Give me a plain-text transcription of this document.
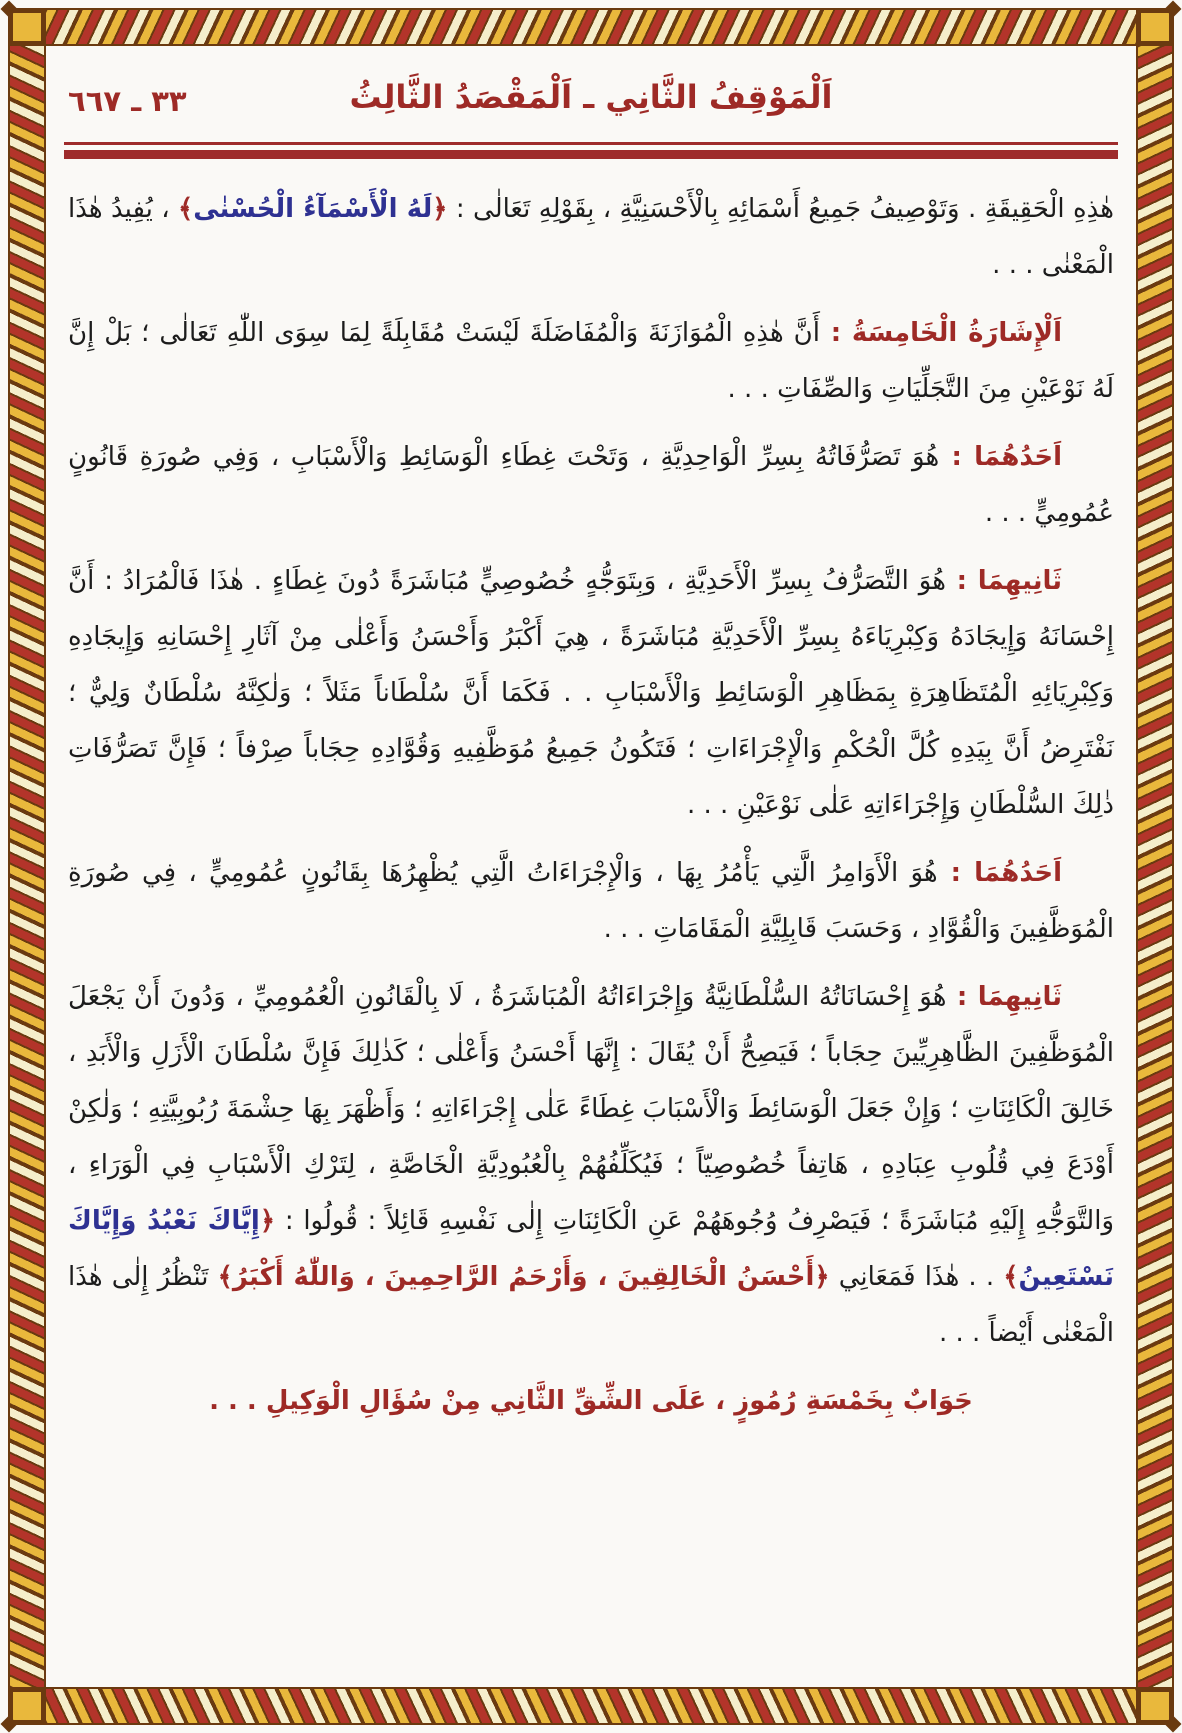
٣٣ ـ ٦٦٧	اَلْمَوْقِفُ الثَّانِي ـ اَلْمَقْصَدُ الثَّالِثُ

هٰذِهِ الْحَقِيقَةِ . وَتَوْصِيفُ جَمِيعُ أَسْمَائِهِ بِالْأَحْسَنِيَّةِ ، بِقَوْلِهِ تَعَالٰى : ﴿لَهُ الْأَسْمَآءُ الْحُسْنٰى﴾ ، يُفِيدُ هٰذَا الْمَعْنٰى . . .

اَلْإِشَارَةُ الْخَامِسَةُ : أَنَّ هٰذِهِ الْمُوَازَنَةَ وَالْمُفَاضَلَةَ لَيْسَتْ مُقَابِلَةً لِمَا سِوَى اللّٰهِ تَعَالٰى ؛ بَلْ إِنَّ لَهُ نَوْعَيْنِ مِنَ التَّجَلِّيَاتِ وَالصِّفَاتِ . . .

اَحَدُهُمَا : هُوَ تَصَرُّفَاتُهُ بِسِرِّ الْوَاحِدِيَّةِ ، وَتَحْتَ غِطَاءِ الْوَسَائِطِ وَالْأَسْبَابِ ، وَفِي صُورَةِ قَانُونٍ عُمُومِيٍّ . . .

ثَانِيهِمَا : هُوَ التَّصَرُّفُ بِسِرِّ الْأَحَدِيَّةِ ، وَبِتَوَجُّهٍ خُصُوصِيٍّ مُبَاشَرَةً دُونَ غِطَاءٍ . هٰذَا فَالْمُرَادُ : أَنَّ إِحْسَانَهُ وَإِيجَادَهُ وَكِبْرِيَاءَهُ بِسِرِّ الْأَحَدِيَّةِ مُبَاشَرَةً ، هِيَ أَكْبَرُ وَأَحْسَنُ وَأَعْلٰى مِنْ آثَارِ إِحْسَانِهِ وَإِيجَادِهِ وَكِبْرِيَائِهِ الْمُتَظَاهِرَةِ بِمَظَاهِرِ الْوَسَائِطِ وَالْأَسْبَابِ . . فَكَمَا أَنَّ سُلْطَاناً مَثَلاً ؛ وَلٰكِنَّهُ سُلْطَانٌ وَلِيٌّ ؛ نَفْتَرِضُ أَنَّ بِيَدِهِ كُلَّ الْحُكْمِ وَالْإِجْرَاءَاتِ ؛ فَتَكُونُ جَمِيعُ مُوَظَّفِيهِ وَقُوَّادِهِ حِجَاباً صِرْفاً ؛ فَإِنَّ تَصَرُّفَاتِ ذٰلِكَ السُّلْطَانِ وَإِجْرَاءَاتِهِ عَلٰى نَوْعَيْنِ . . .

اَحَدُهُمَا : هُوَ الْأَوَامِرُ الَّتِي يَأْمُرُ بِهَا ، وَالْإِجْرَاءَاتُ الَّتِي يُظْهِرُهَا بِقَانُونٍ عُمُومِيٍّ ، فِي صُورَةِ الْمُوَظَّفِينَ وَالْقُوَّادِ ، وَحَسَبَ قَابِلِيَّةِ الْمَقَامَاتِ . . .

ثَانِيهِمَا : هُوَ إِحْسَانَاتُهُ السُّلْطَانِيَّةُ وَإِجْرَاءَاتُهُ الْمُبَاشَرَةُ ، لَا بِالْقَانُونِ الْعُمُومِيِّ ، وَدُونَ أَنْ يَجْعَلَ الْمُوَظَّفِينَ الظَّاهِرِيِّينَ حِجَاباً ؛ فَيَصِحُّ أَنْ يُقَالَ : إِنَّهَا أَحْسَنُ وَأَعْلٰى ؛ كَذٰلِكَ فَإِنَّ سُلْطَانَ الْأَزَلِ وَالْأَبَدِ ، خَالِقَ الْكَائِنَاتِ ؛ وَإِنْ جَعَلَ الْوَسَائِطَ وَالْأَسْبَابَ غِطَاءً عَلٰى إِجْرَاءَاتِهِ ؛ وَأَظْهَرَ بِهَا حِشْمَةَ رُبُوبِيَّتِهِ ؛ وَلٰكِنْ أَوْدَعَ فِي قُلُوبِ عِبَادِهِ ، هَاتِفاً خُصُوصِيّاً ؛ فَيُكَلِّفُهُمْ بِالْعُبُودِيَّةِ الْخَاصَّةِ ، لِتَرْكِ الْأَسْبَابِ فِي الْوَرَاءِ ، وَالتَّوَجُّهِ إِلَيْهِ مُبَاشَرَةً ؛ فَيَصْرِفُ وُجُوهَهُمْ عَنِ الْكَائِنَاتِ إِلٰى نَفْسِهِ قَائِلاً : قُولُوا : ﴿إِيَّاكَ نَعْبُدُ وَإِيَّاكَ نَسْتَعِينُ﴾ . . هٰذَا فَمَعَانِي ﴿أَحْسَنُ الْخَالِقِينَ ، وَأَرْحَمُ الرَّاحِمِينَ ، وَاللّٰهُ أَكْبَرُ﴾ تَنْظُرُ إِلٰى هٰذَا الْمَعْنٰى أَيْضاً . . .

جَوَابٌ بِخَمْسَةِ رُمُوزٍ ، عَلَى الشِّقِّ الثَّانِي مِنْ سُؤَالِ الْوَكِيلِ . . .
